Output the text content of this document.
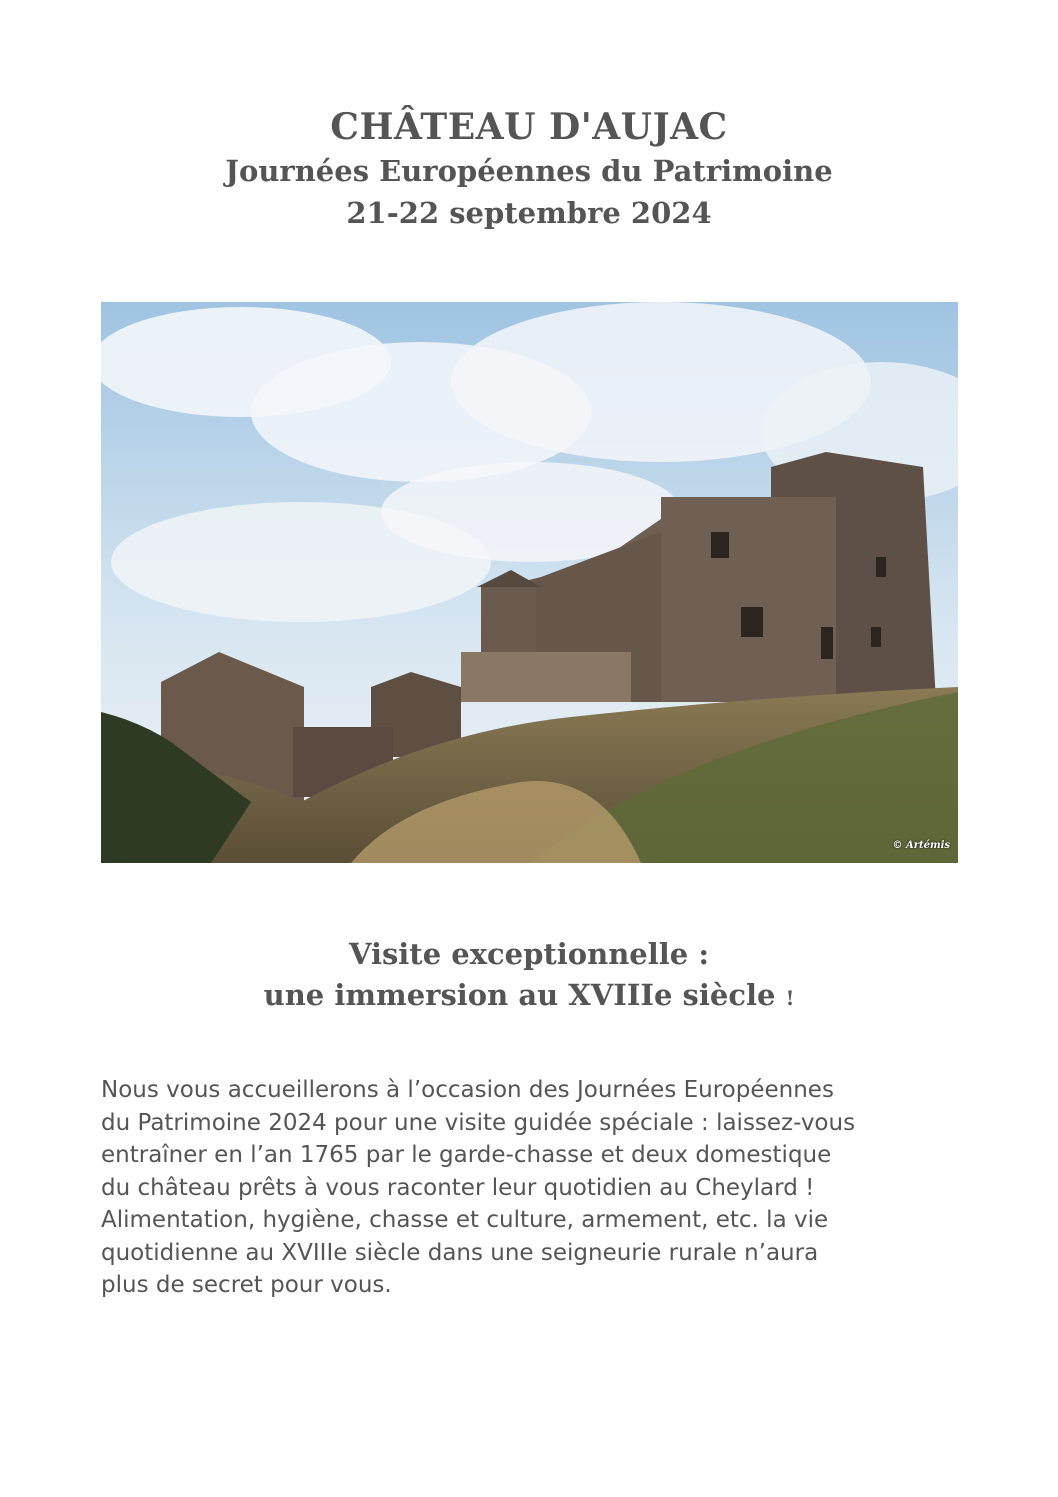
CHÂTEAU D'AUJAC
Journées Européennes du Patrimoine
21-22 septembre 2024
© Artémis
Visite exceptionnelle :
une immersion au XVIIIe siècle !
Nous vous accueillerons à l’occasion des Journées Européennes
du Patrimoine 2024 pour une visite guidée spéciale : laissez-vous
entraîner en l’an 1765 par le garde-chasse et deux domestique
du château prêts à vous raconter leur quotidien au Cheylard !
Alimentation, hygiène, chasse et culture, armement, etc. la vie
quotidienne au XVIIIe siècle dans une seigneurie rurale n’aura
plus de secret pour vous.
